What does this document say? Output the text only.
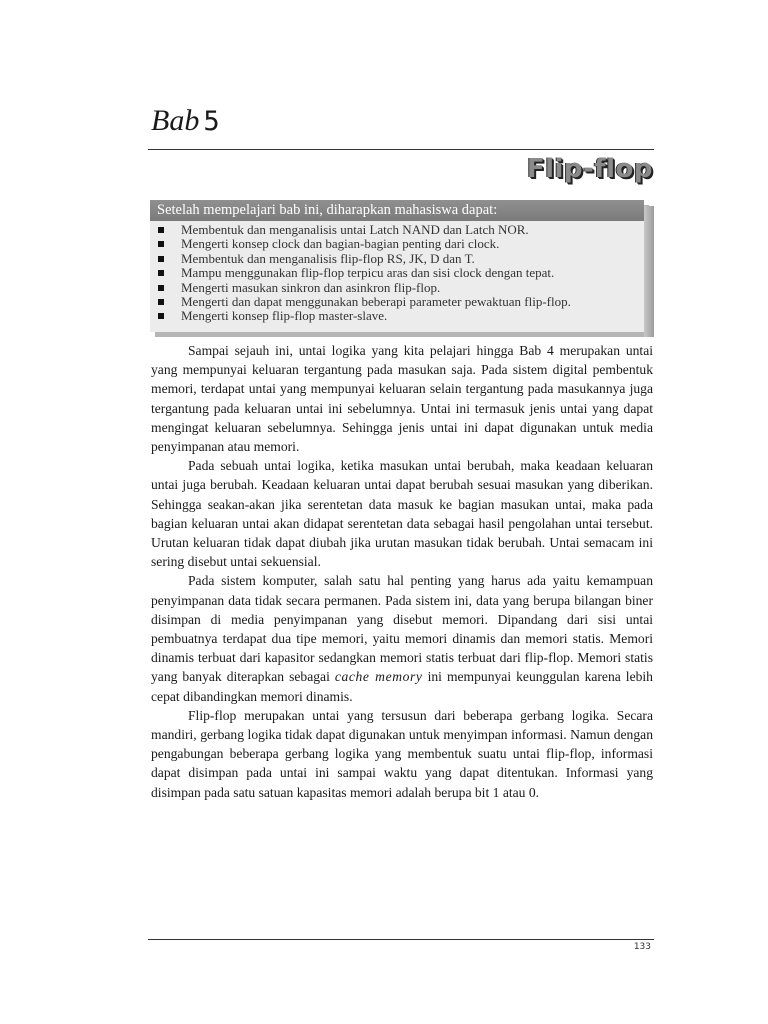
Bab 5
Flip-flop
Setelah mempelajari bab ini, diharapkan mahasiswa dapat:
Membentuk dan menganalisis untai Latch NAND dan Latch NOR.
Mengerti konsep clock dan bagian-bagian penting dari clock.
Membentuk dan menganalisis flip-flop RS, JK, D dan T.
Mampu menggunakan flip-flop terpicu aras dan sisi clock dengan tepat.
Mengerti masukan sinkron dan asinkron flip-flop.
Mengerti dan dapat menggunakan beberapi parameter pewaktuan flip-flop.
Mengerti konsep flip-flop master-slave.

Sampai sejauh ini, untai logika yang kita pelajari hingga Bab 4 merupakan untai yang mempunyai keluaran tergantung pada masukan saja. Pada sistem digital pembentuk memori, terdapat untai yang mempunyai keluaran selain tergantung pada masukannya juga tergantung pada keluaran untai ini sebelumnya. Untai ini termasuk jenis untai yang dapat mengingat keluaran sebelumnya. Sehingga jenis untai ini dapat digunakan untuk media penyimpanan atau memori.

Pada sebuah untai logika, ketika masukan untai berubah, maka keadaan keluaran untai juga berubah. Keadaan keluaran untai dapat berubah sesuai masukan yang diberikan. Sehingga seakan-akan jika serentetan data masuk ke bagian masukan untai, maka pada bagian keluaran untai akan didapat serentetan data sebagai hasil pengolahan untai tersebut. Urutan keluaran tidak dapat diubah jika urutan masukan tidak berubah. Untai semacam ini sering disebut untai sekuensial.

Pada sistem komputer, salah satu hal penting yang harus ada yaitu kemampuan penyimpanan data tidak secara permanen. Pada sistem ini, data yang berupa bilangan biner disimpan di media penyimpanan yang disebut memori. Dipandang dari sisi untai pembuatnya terdapat dua tipe memori, yaitu memori dinamis dan memori statis. Memori dinamis terbuat dari kapasitor sedangkan memori statis terbuat dari flip-flop. Memori statis yang banyak diterapkan sebagai cache memory ini mempunyai keunggulan karena lebih cepat dibandingkan memori dinamis.

Flip-flop merupakan untai yang tersusun dari beberapa gerbang logika. Secara mandiri, gerbang logika tidak dapat digunakan untuk menyimpan informasi. Namun dengan pengabungan beberapa gerbang logika yang membentuk suatu untai flip-flop, informasi dapat disimpan pada untai ini sampai waktu yang dapat ditentukan. Informasi yang disimpan pada satu satuan kapasitas memori adalah berupa bit 1 atau 0.

133
